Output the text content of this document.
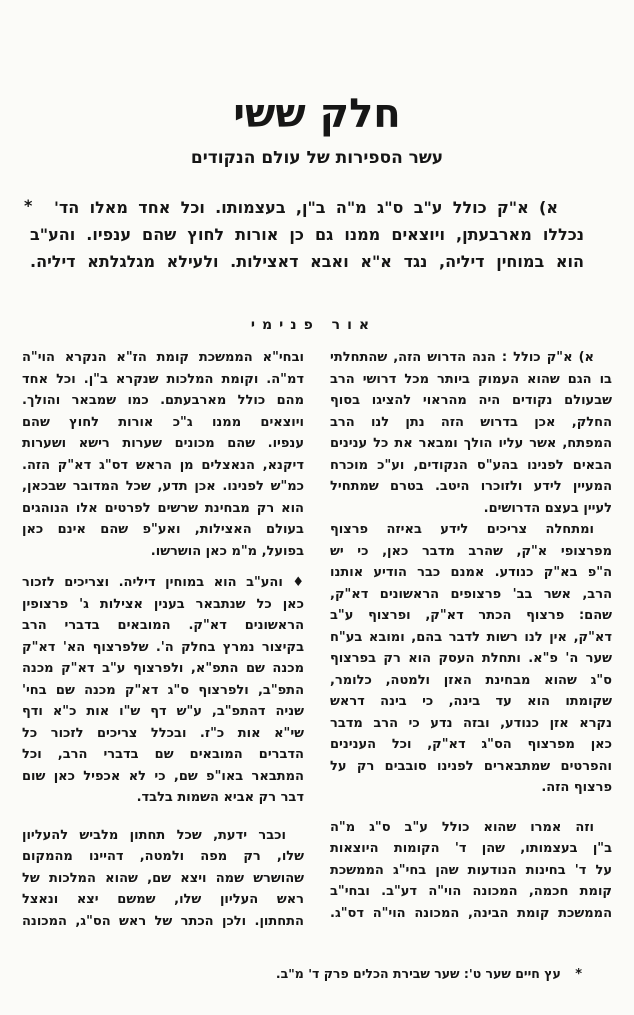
חלק ששי
עשר הספירות של עולם הנקודים
*	א) א"ק כולל ע"ב ס"ג מ"ה ב"ן, בעצמותו. וכל אחד מאלו הד'
נכללו מארבעתן, ויוצאים ממנו גם כן אורות לחוץ שהם ענפיו. והע"ב
הוא במוחין דיליה, נגד א"א ואבא דאצילות. ולעילא מגלגלתא דיליה.
אור פנימי
א) א"ק כולל : הנה הדרוש הזה, שהתחלתי
בו הגם שהוא העמוק ביותר מכל דרושי הרב
שבעולם נקודים היה מהראוי להציגו בסוף
החלק, אכן בדרוש הזה נתן לנו הרב
המפתח, אשר עליו הולך ומבאר את כל ענינים
הבאים לפנינו בהע"ס הנקודים, וע"כ מוכרח
המעיין לידע ולזוכרו היטב. בטרם שמתחיל
לעיין בעצם הדרושים.
ומתחלה צריכים לידע באיזה פרצוף
מפרצופי א"ק, שהרב מדבר כאן, כי יש
ה"פ בא"ק כנודע. אמנם כבר הודיע אותנו
הרב, אשר בב' פרצופים הראשונים דא"ק,
שהם: פרצוף הכתר דא"ק, ופרצוף ע"ב
דא"ק, אין לנו רשות לדבר בהם, ומובא בע"ח
שער ה' פ"א. ותחלת העסק הוא רק בפרצוף
ס"ג שהוא מבחינת האזן ולמטה, כלומר,
שקומתו הוא עד בינה, כי בינה דראש
נקרא אזן כנודע, ובזה נדע כי הרב מדבר
כאן מפרצוף הס"ג דא"ק, וכל הענינים
והפרטים שמתבארים לפנינו סובבים רק על
פרצוף הזה.
וזה אמרו שהוא כולל ע"ב ס"ג מ"ה
ב"ן בעצמותו, שהן ד' הקומות היוצאות
על ד' בחינות הנודעות שהן בחי"ג הממשכת
קומת חכמה, המכונה הוי"ה דע"ב. ובחי"ב
הממשכת קומת הבינה, המכונה הוי"ה דס"ג.
ובחי"א הממשכת קומת הז"א הנקרא הוי"ה
דמ"ה. וקומת המלכות שנקרא ב"ן. וכל אחד
מהם כולל מארבעתם. כמו שמבאר והולך.
ויוצאים ממנו ג"כ אורות לחוץ שהם
ענפיו. שהם מכונים שערות רישא ושערות
דיקנא, הנאצלים מן הראש דס"ג דא"ק הזה.
כמ"ש לפנינו. אכן תדע, שכל המדובר שבכאן,
הוא רק מבחינת שרשים לפרטים אלו הנוהגים
בעולם האצילות, ואע"פ שהם אינם כאן
בפועל, מ"מ כאן הושרשו.
♦ והע"ב הוא במוחין דיליה. וצריכים לזכור
כאן כל שנתבאר בענין אצילות ג' פרצופין
הראשונים דא"ק. המובאים בדברי הרב
בקיצור נמרץ בחלק ה'. שלפרצוף הא' דא"ק
מכנה שם התפ"א, ולפרצוף ע"ב דא"ק מכנה
התפ"ב, ולפרצוף ס"ג דא"ק מכנה שם בחי'
שניה דהתפ"ב, ע"ש דף ש"ו אות כ"א ודף
שי"א אות כ"ז. ובכלל צריכים לזכור כל
הדברים המובאים שם בדברי הרב, וכל
המתבאר באו"פ שם, כי לא אכפיל כאן שום
דבר רק אביא השמות בלבד.
וכבר ידעת, שכל תחתון מלביש להעליון
שלו, רק מפה ולמטה, דהיינו מהמקום
שהושרש שמה ויצא שם, שהוא המלכות של
ראש העליון שלו, שמשם יצא ונאצל
התחתון. ולכן הכתר של ראש הס"ג, המכונה
* עץ חיים שער ט': שער שבירת הכלים פרק ד' מ"ב.
